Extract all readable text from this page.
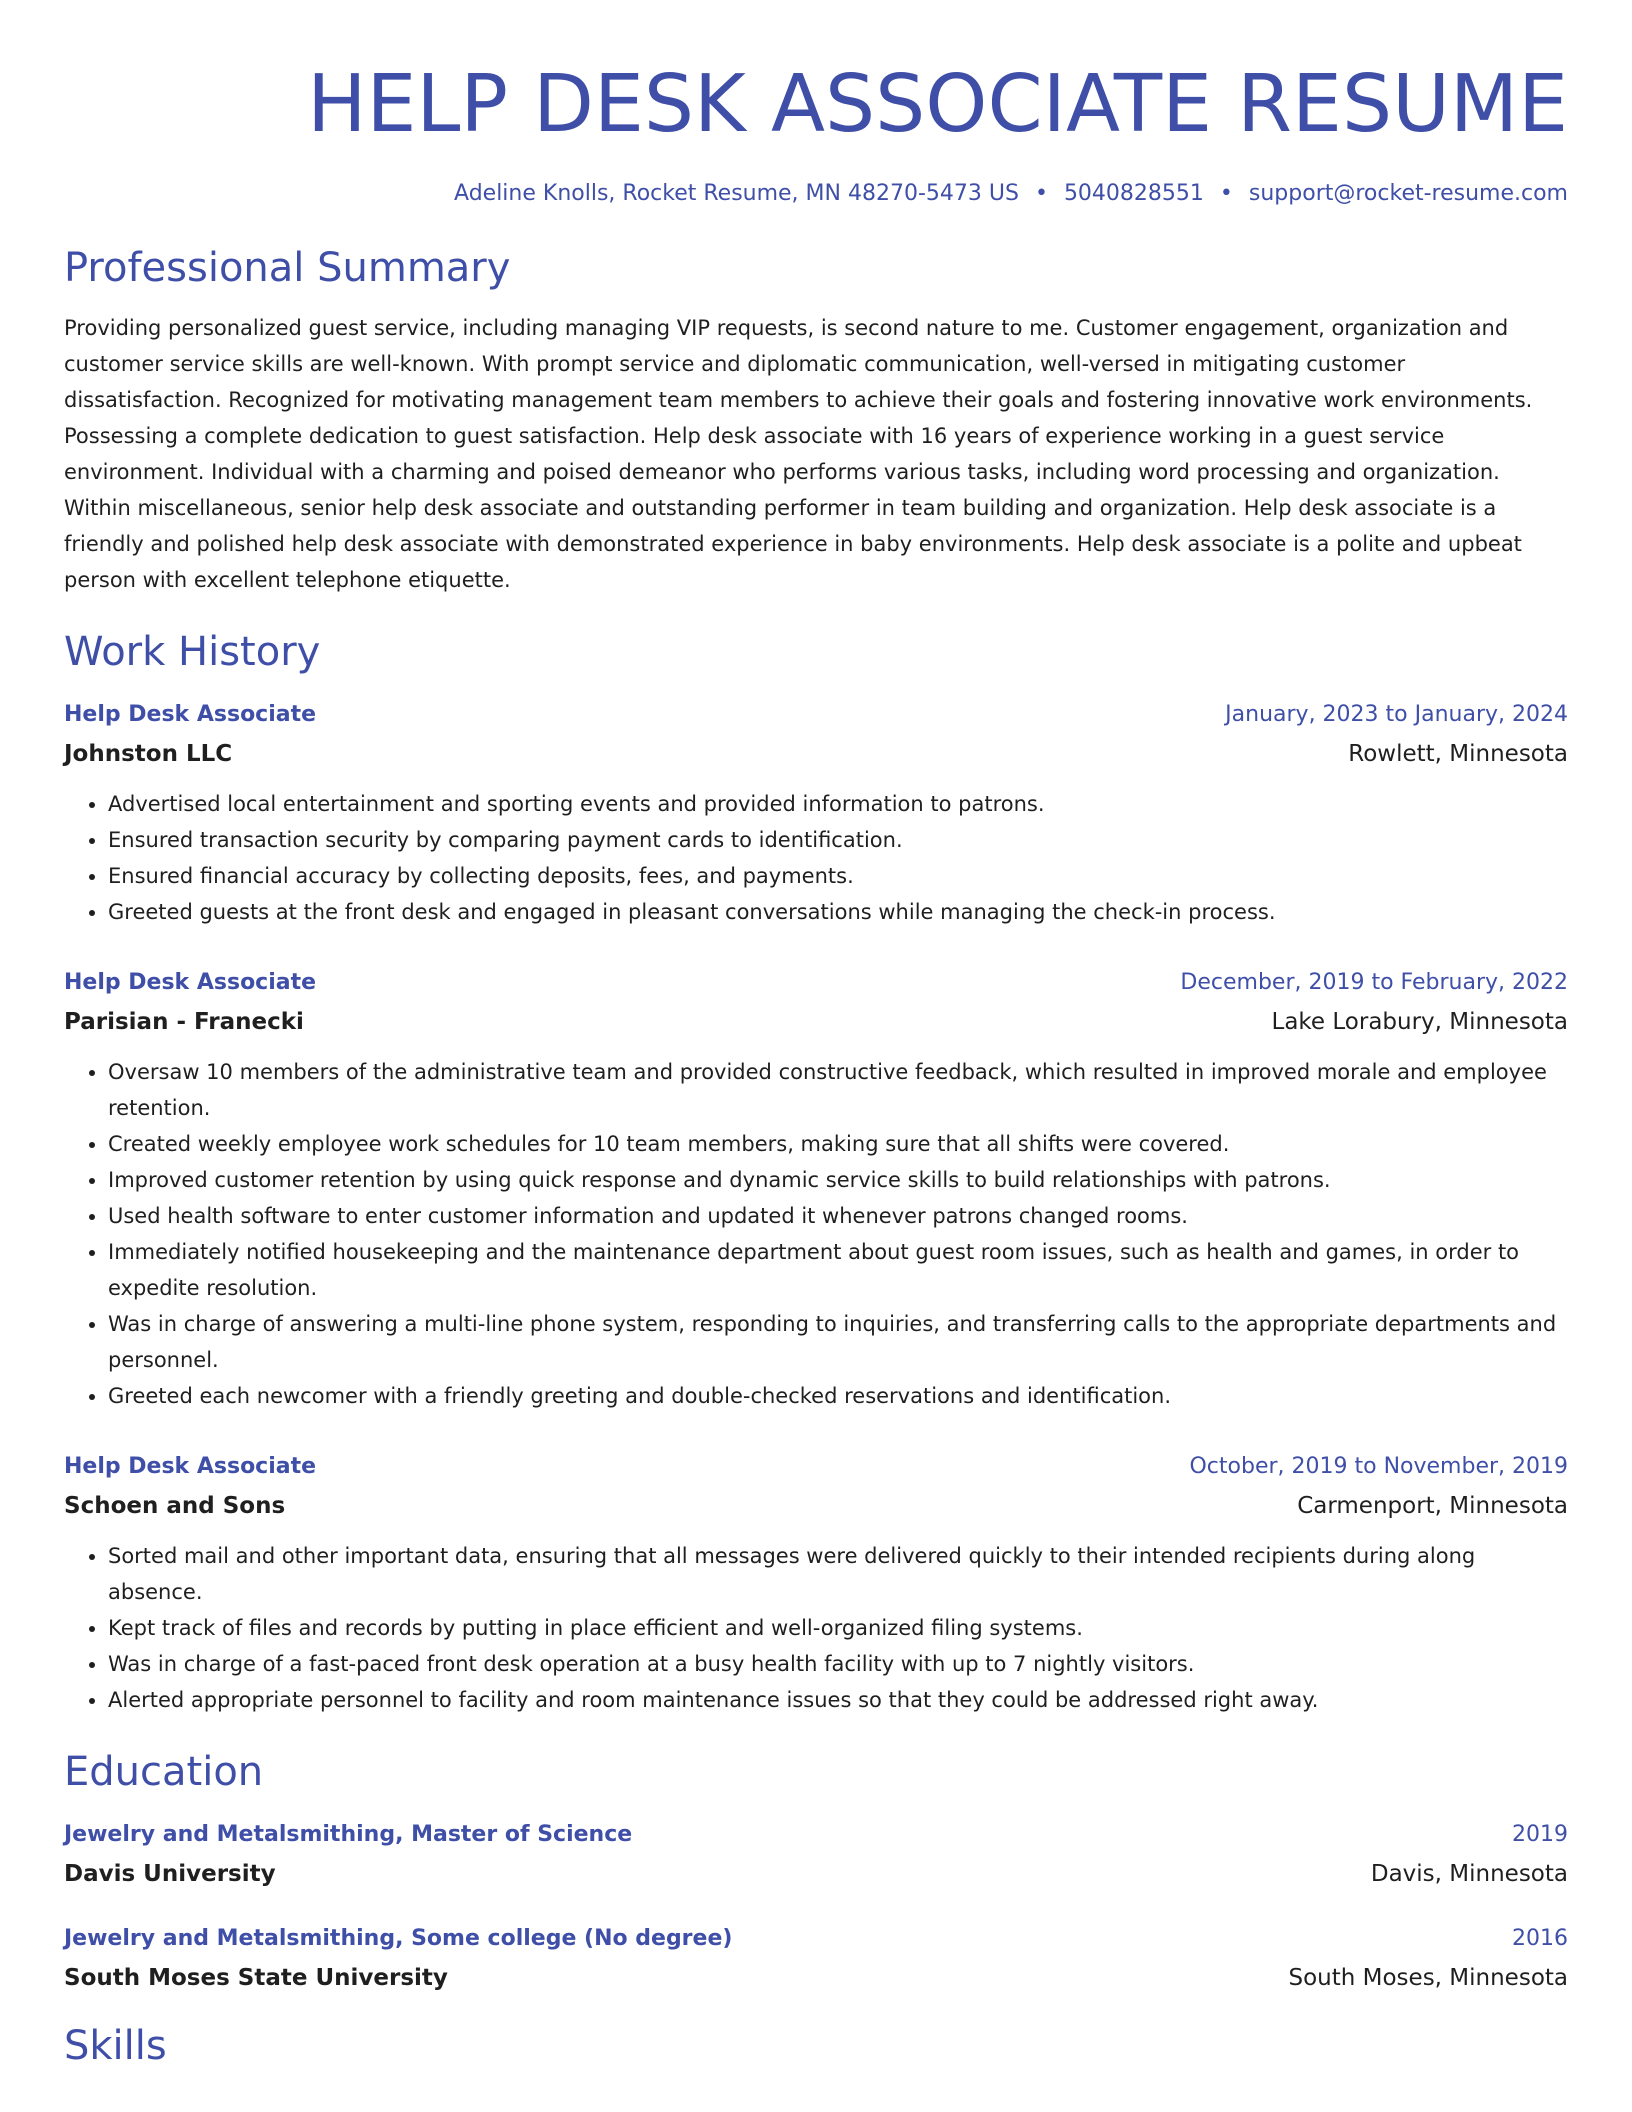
HELP DESK ASSOCIATE RESUME
Adeline Knolls, Rocket Resume, MN 48270-5473 US • 5040828551 • support@rocket-resume.com
Professional Summary

Providing personalized guest service, including managing VIP requests, is second nature to me. Customer engagement, organization and customer service skills are well-known. With prompt service and diplomatic communication, well-versed in mitigating customer dissatisfaction. Recognized for motivating management team members to achieve their goals and fostering innovative work environments. Possessing a complete dedication to guest satisfaction. Help desk associate with 16 years of experience working in a guest service environment. Individual with a charming and poised demeanor who performs various tasks, including word processing and organization. Within miscellaneous, senior help desk associate and outstanding performer in team building and organization. Help desk associate is a friendly and polished help desk associate with demonstrated experience in baby environments. Help desk associate is a polite and upbeat person with excellent telephone etiquette.

Work History
Help Desk Associate	January, 2023 to January, 2024
Johnston LLC	Rowlett, Minnesota
• Advertised local entertainment and sporting events and provided information to patrons.
• Ensured transaction security by comparing payment cards to identification.
• Ensured financial accuracy by collecting deposits, fees, and payments.
• Greeted guests at the front desk and engaged in pleasant conversations while managing the check-in process.
Help Desk Associate	December, 2019 to February, 2022
Parisian - Franecki	Lake Lorabury, Minnesota
• Oversaw 10 members of the administrative team and provided constructive feedback, which resulted in improved morale and employee retention.
• Created weekly employee work schedules for 10 team members, making sure that all shifts were covered.
• Improved customer retention by using quick response and dynamic service skills to build relationships with patrons.
• Used health software to enter customer information and updated it whenever patrons changed rooms.
• Immediately notified housekeeping and the maintenance department about guest room issues, such as health and games, in order to expedite resolution.
• Was in charge of answering a multi-line phone system, responding to inquiries, and transferring calls to the appropriate departments and personnel.
• Greeted each newcomer with a friendly greeting and double-checked reservations and identification.
Help Desk Associate	October, 2019 to November, 2019
Schoen and Sons	Carmenport, Minnesota
• Sorted mail and other important data, ensuring that all messages were delivered quickly to their intended recipients during along absence.
• Kept track of files and records by putting in place efficient and well-organized filing systems.
• Was in charge of a fast-paced front desk operation at a busy health facility with up to 7 nightly visitors.
• Alerted appropriate personnel to facility and room maintenance issues so that they could be addressed right away.
Education
Jewelry and Metalsmithing, Master of Science	2019
Davis University	Davis, Minnesota
Jewelry and Metalsmithing, Some college (No degree)	2016
South Moses State University	South Moses, Minnesota
Skills
